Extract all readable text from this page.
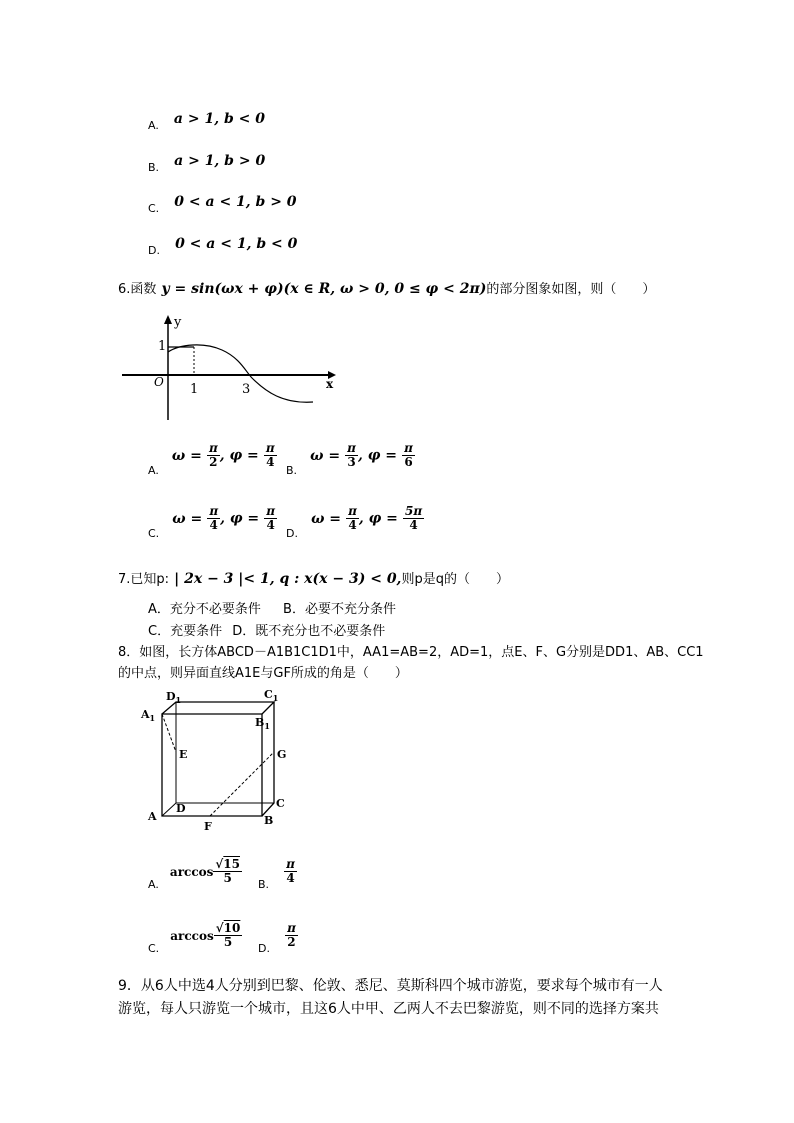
$_{A.}$ a > 1, b < 0
$_{B.}$ a > 1, b > 0
$_{C.}$ 0 < a < 1, b > 0
$_{D.}$ 0 < a < 1, b < 0
6.函数 y = sin(ωx + φ)(x ∈ R, ω > 0, 0 ≤ φ < 2π)的部分图象如图，则（　　）
y
x
O
1
1	3
$_{A.}$ $\omega = \frac{\pi}{2}$ , $\varphi = \frac{\pi}{4}$
$_{B.}$ $\omega = \frac{\pi}{3}$ , $\varphi = \frac{\pi}{6}$
$_{C.}$ $\omega = \frac{\pi}{4}$ , $\varphi = \frac{\pi}{4}$
$_{D.}$ $\omega = \frac{\pi}{4}$ , $\varphi = \frac{5\pi}{4}$
7.已知p: | 2x − 3 |< 1, q : x(x − 3) < 0,则p是q的（　　）
A．充分不必要条件 B．必要不充分条件
C．充要条件 D．既不充分也不必要条件
8．如图，长方体ABCD－A1B1C1D1中，AA1=AB=2，AD=1，点E、F、G分别是DD1、AB、CC1
的中点，则异面直线A1E与GF所成的角是（　　）
$A_1$
$D_1$	$C_1$
$B_1$
E	G
D	C
A	B
F
$_{A.}$ $\arccos \frac{√15}{5} _{B.} \frac{\pi}{4}$
$_{C.}$ $\arccos \frac{√10}{5} _{D.} \frac{\pi}{2}$
9．从6人中选4人分别到巴黎、伦敦、悉尼、莫斯科四个城市游览，要求每个城市有一人
游览，每人只游览一个城市，且这6人中甲、乙两人不去巴黎游览，则不同的选择方案共
